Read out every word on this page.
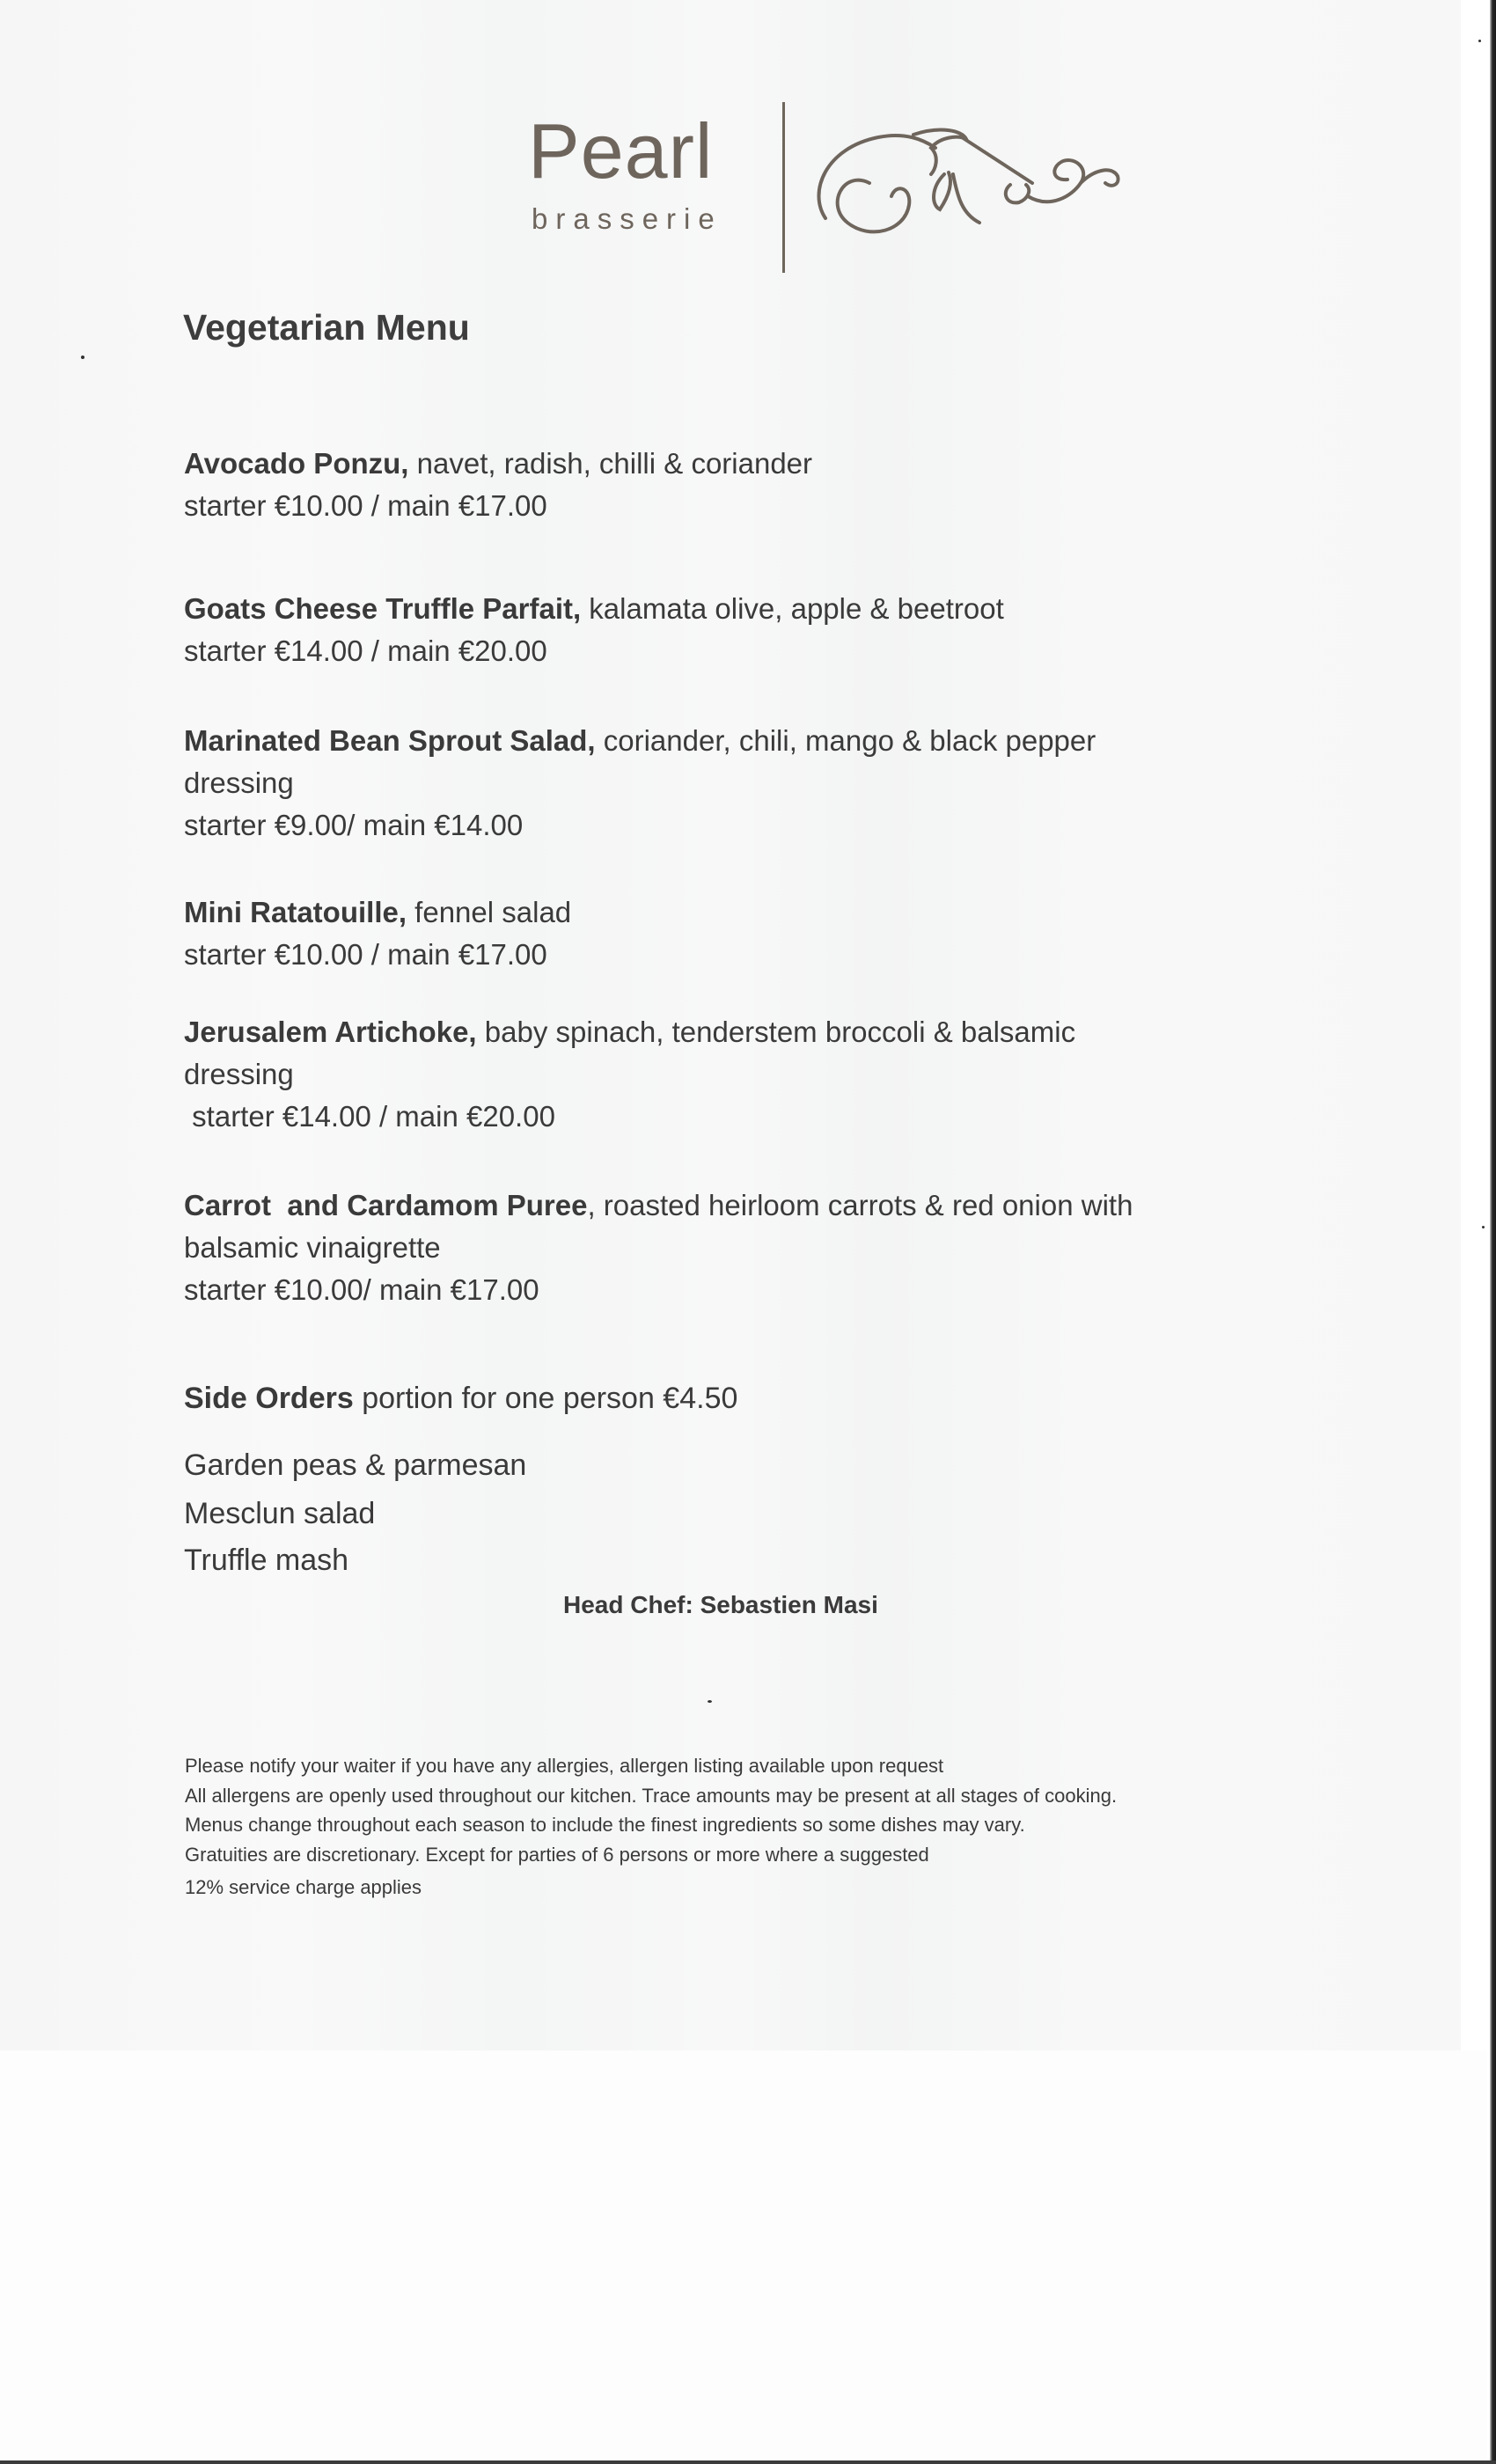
Pearl
brasserie
Vegetarian Menu
Avocado Ponzu, navet, radish, chilli & coriander
starter €10.00 / main €17.00
Goats Cheese Truffle Parfait, kalamata olive, apple & beetroot
starter €14.00 / main €20.00
Marinated Bean Sprout Salad, coriander, chili, mango & black pepper
dressing
starter €9.00/ main €14.00
Mini Ratatouille, fennel salad
starter €10.00 / main €17.00
Jerusalem Artichoke, baby spinach, tenderstem broccoli & balsamic
dressing
starter €14.00 / main €20.00
Carrot  and Cardamom Puree, roasted heirloom carrots & red onion with
balsamic vinaigrette
starter €10.00/ main €17.00
Side Orders portion for one person €4.50
Garden peas & parmesan
Mesclun salad
Truffle mash
Head Chef: Sebastien Masi
Please notify your waiter if you have any allergies, allergen listing available upon request
All allergens are openly used throughout our kitchen. Trace amounts may be present at all stages of cooking.
Menus change throughout each season to include the finest ingredients so some dishes may vary.
Gratuities are discretionary. Except for parties of 6 persons or more where a suggested
12% service charge applies
